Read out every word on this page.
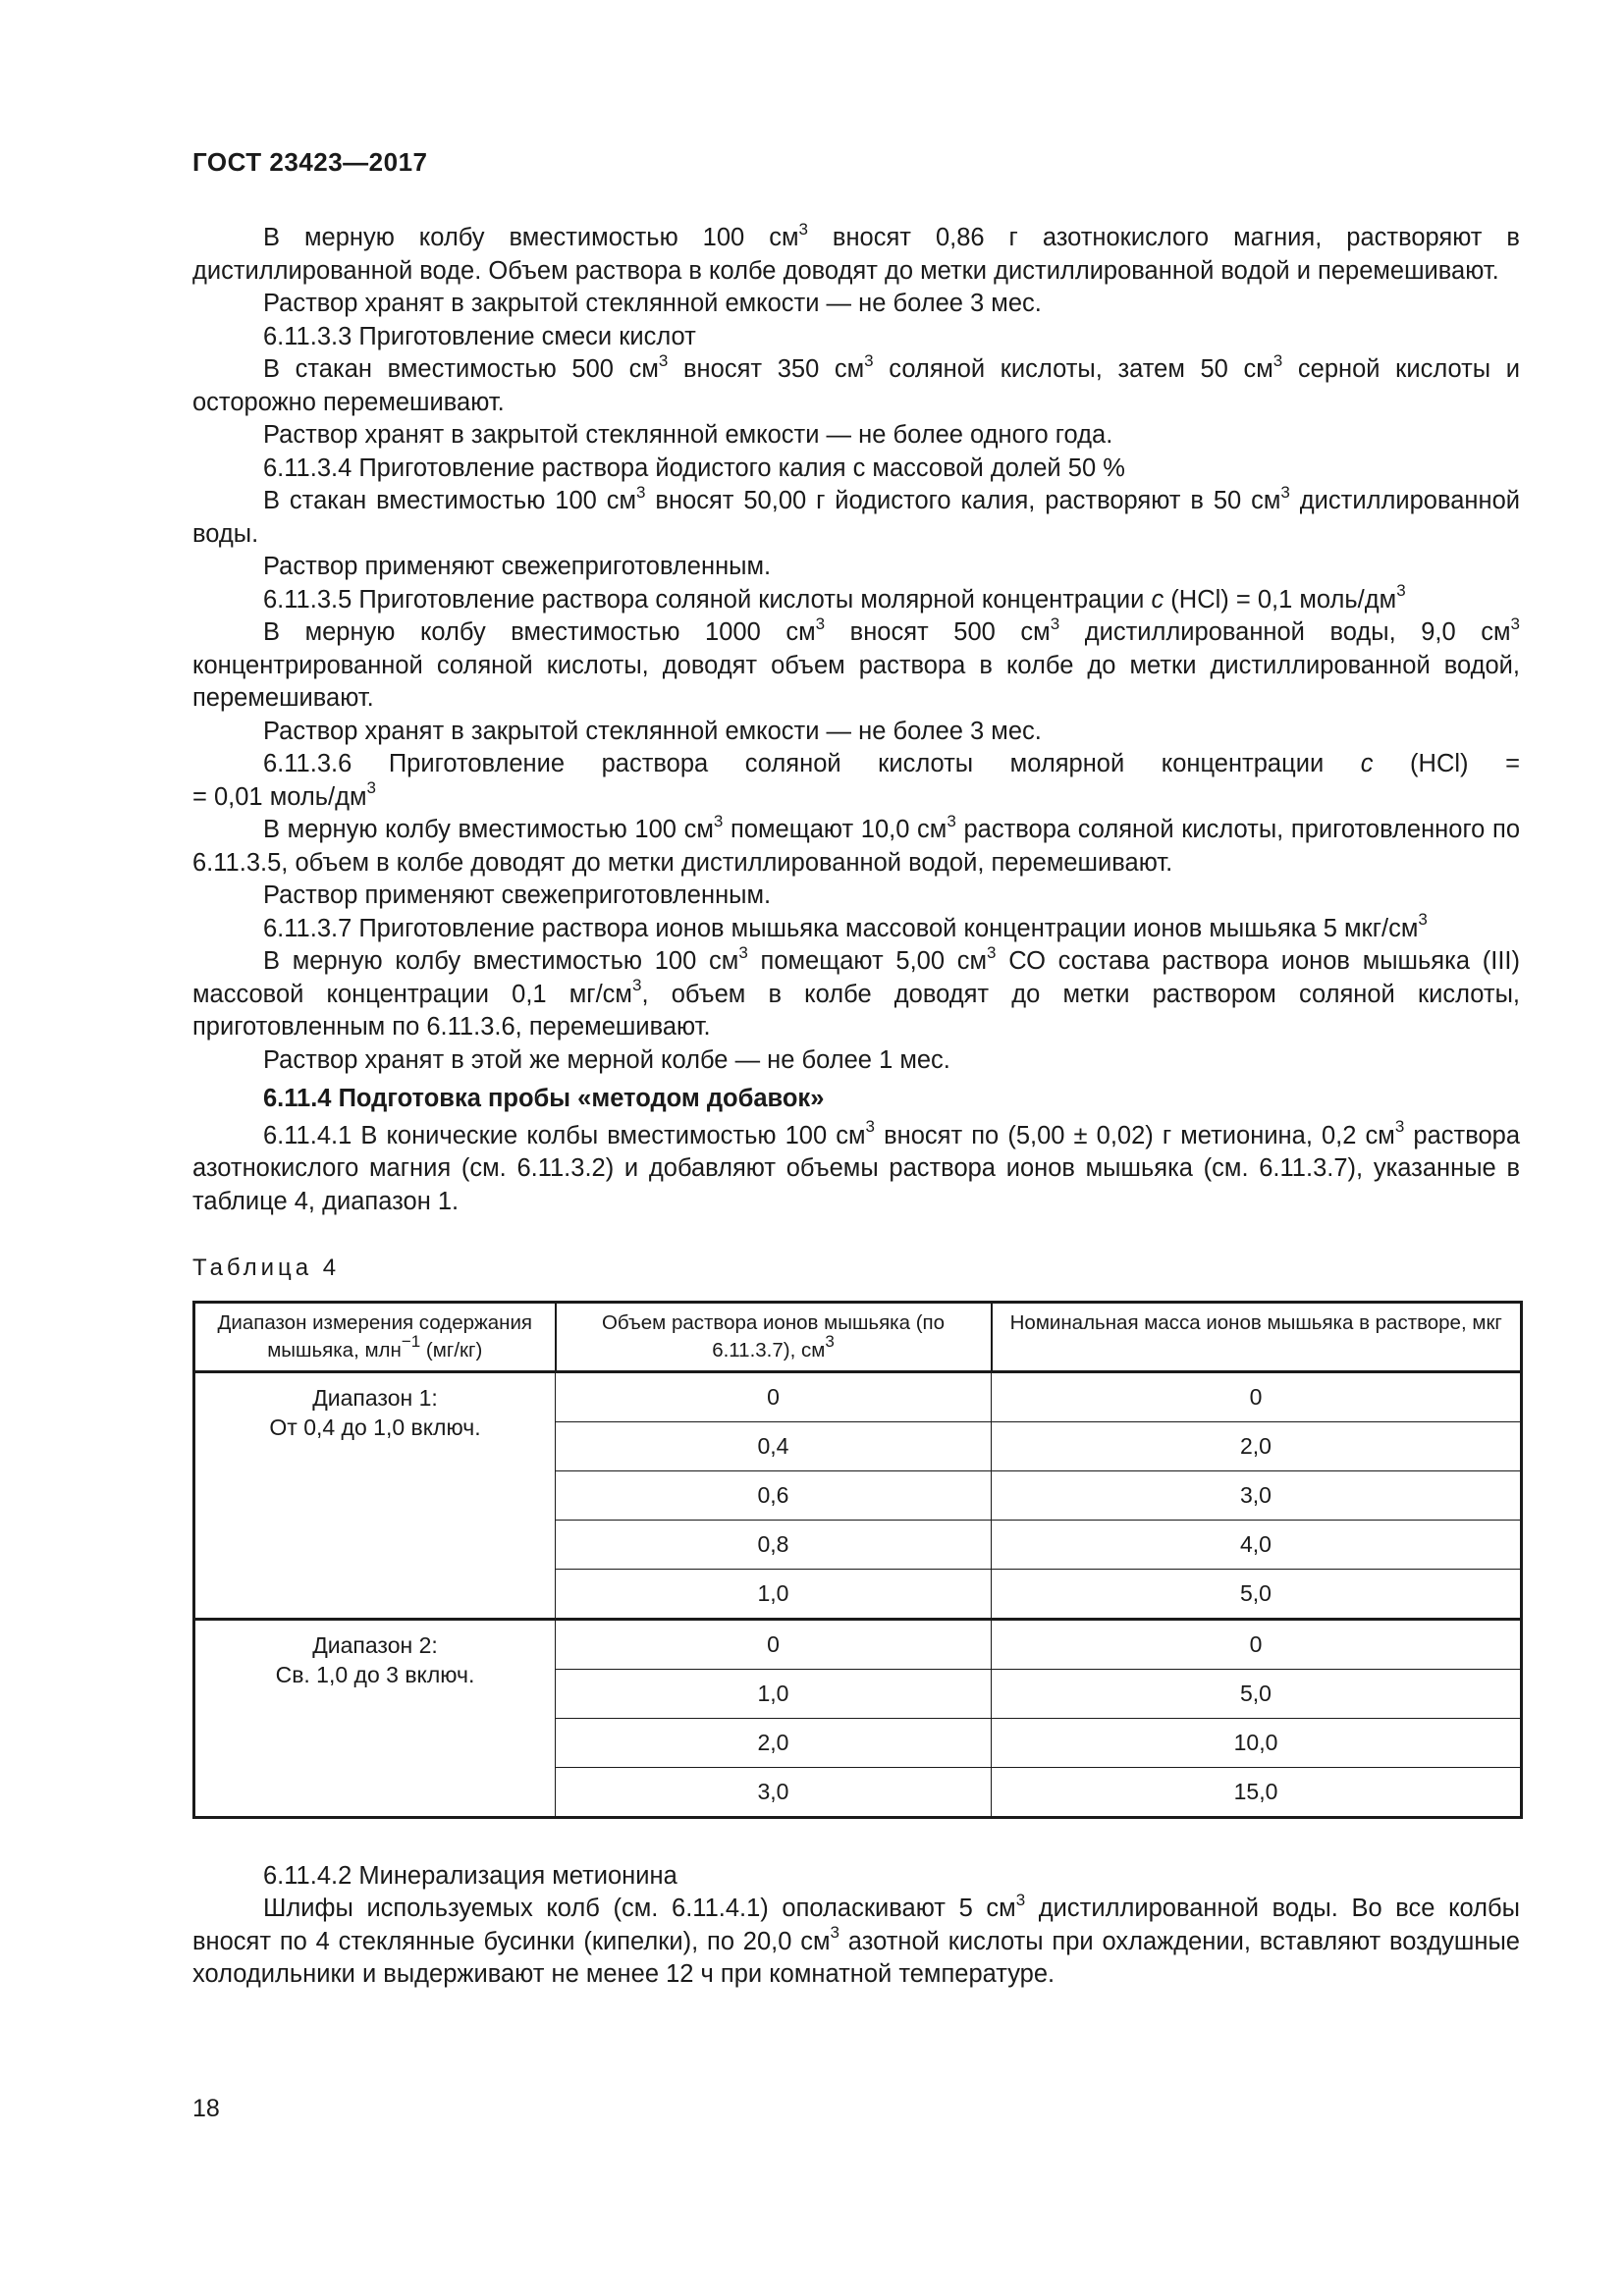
ГОСТ 23423—2017

В мерную колбу вместимостью 100 $см^3$ вносят 0,86 г азотнокислого магния, растворяют в дистиллированной воде. Объем раствора в колбе доводят до метки дистиллированной водой и перемешивают.

Раствор хранят в закрытой стеклянной емкости — не более 3 мес.

6.11.3.3 Приготовление смеси кислот

В стакан вместимостью 500 $см^3$ вносят 350 $см^3$ соляной кислоты, затем 50 $см^3$ серной кислоты и осторожно перемешивают.

Раствор хранят в закрытой стеклянной емкости — не более одного года.

6.11.3.4 Приготовление раствора йодистого калия с массовой долей 50 %

В стакан вместимостью 100 $см^3$ вносят 50,00 г йодистого калия, растворяют в 50 $см^3$ дистиллированной воды.

Раствор применяют свежеприготовленным.

6.11.3.5 Приготовление раствора соляной кислоты молярной концентрации c (HCl) = 0,1 моль/$дм^3$

В мерную колбу вместимостью 1000 $см^3$ вносят 500 $см^3$ дистиллированной воды, 9,0 $см^3$ концентрированной соляной кислоты, доводят объем раствора в колбе до метки дистиллированной водой, перемешивают.

Раствор хранят в закрытой стеклянной емкости — не более 3 мес.

6.11.3.6 Приготовление раствора соляной кислоты молярной концентрации c (HCl) =

= 0,01 моль/$дм^3$

В мерную колбу вместимостью 100 $см^3$ помещают 10,0 $см^3$ раствора соляной кислоты, приготовленного по 6.11.3.5, объем в колбе доводят до метки дистиллированной водой, перемешивают.

Раствор применяют свежеприготовленным.

6.11.3.7 Приготовление раствора ионов мышьяка массовой концентрации ионов мышьяка 5 мкг/$см^3$

В мерную колбу вместимостью 100 $см^3$ помещают 5,00 $см^3$ СО состава раствора ионов мышьяка (III) массовой концентрации 0,1 $мг/см^3$, объем в колбе доводят до метки раствором соляной кислоты, приготовленным по 6.11.3.6, перемешивают.

Раствор хранят в этой же мерной колбе — не более 1 мес.

6.11.4 Подготовка пробы «методом добавок»

6.11.4.1 В конические колбы вместимостью 100 $см^3$ вносят по (5,00 ± 0,02) г метионина, 0,2 $см^3$ раствора азотнокислого магния (см. 6.11.3.2) и добавляют объемы раствора ионов мышьяка (см. 6.11.3.7), указанные в таблице 4, диапазон 1.

Таблица 4
Диапазон измерения содержания мышьяка, млн$^{-1}$ (мг/кг)	Объем раствора ионов мышьяка (по 6.11.3.7), $см^3$	Номинальная масса ионов мышьяка в растворе, мкг

Диапазон 1:
От 0,4 до 1,0 включ.	0	0
	0,4	2,0
	0,6	3,0
	0,8	4,0
	1,0	5,0

Диапазон 2:
Св. 1,0 до 3 включ.	0	0
	1,0	5,0
	2,0	10,0
	3,0	15,0

6.11.4.2 Минерализация метионина

Шлифы используемых колб (см. 6.11.4.1) ополаскивают 5 $см^3$ дистиллированной воды. Во все колбы вносят по 4 стеклянные бусинки (кипелки), по 20,0 $см^3$ азотной кислоты при охлаждении, вставляют воздушные холодильники и выдерживают не менее 12 ч при комнатной температуре.

18
